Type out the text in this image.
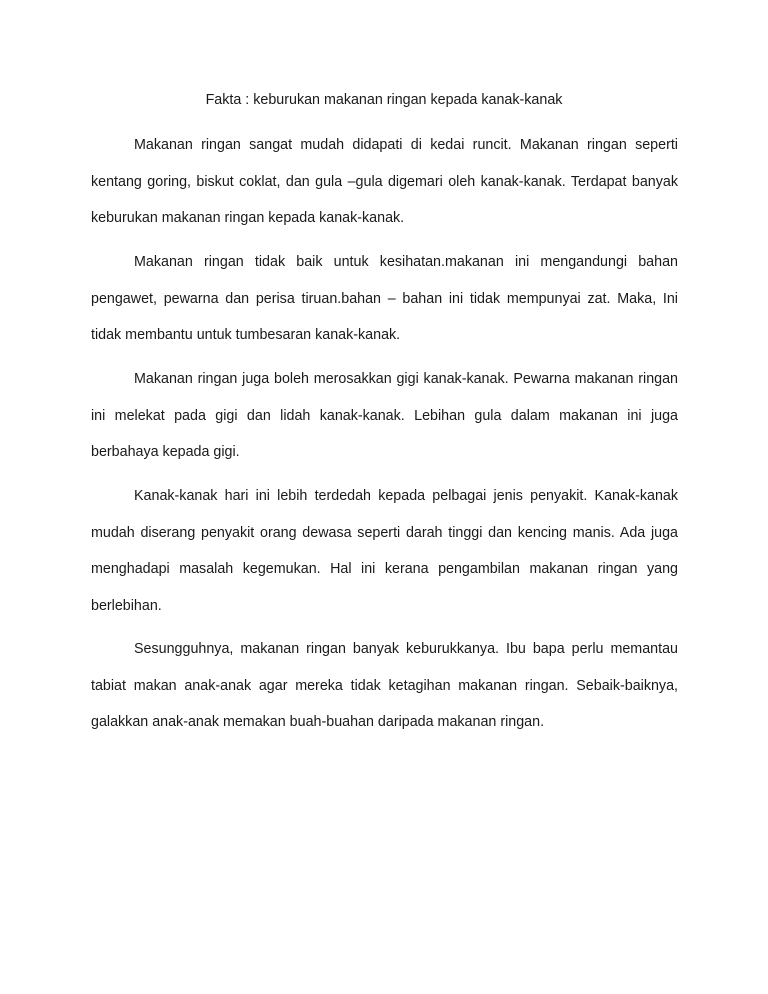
Fakta : keburukan makanan ringan kepada kanak-kanak

Makanan ringan sangat mudah didapati di kedai runcit. Makanan ringan seperti kentang goring, biskut coklat, dan gula –gula digemari oleh kanak-kanak. Terdapat banyak keburukan makanan ringan kepada kanak-kanak.

Makanan ringan tidak baik untuk kesihatan.makanan ini mengandungi bahan pengawet, pewarna dan perisa tiruan.bahan – bahan ini tidak mempunyai zat. Maka, Ini tidak membantu untuk tumbesaran kanak-kanak.

Makanan ringan juga boleh merosakkan gigi kanak-kanak. Pewarna makanan ringan ini melekat pada gigi dan lidah kanak-kanak. Lebihan gula dalam makanan ini juga berbahaya kepada gigi.

Kanak-kanak hari ini lebih terdedah kepada pelbagai jenis penyakit. Kanak-kanak mudah diserang penyakit orang dewasa seperti darah tinggi dan kencing manis. Ada juga menghadapi masalah kegemukan. Hal ini kerana pengambilan makanan ringan yang berlebihan.

Sesungguhnya, makanan ringan banyak keburukkanya. Ibu bapa perlu memantau tabiat makan anak-anak agar mereka tidak ketagihan makanan ringan. Sebaik-baiknya, galakkan anak-anak memakan buah-buahan daripada makanan ringan.
